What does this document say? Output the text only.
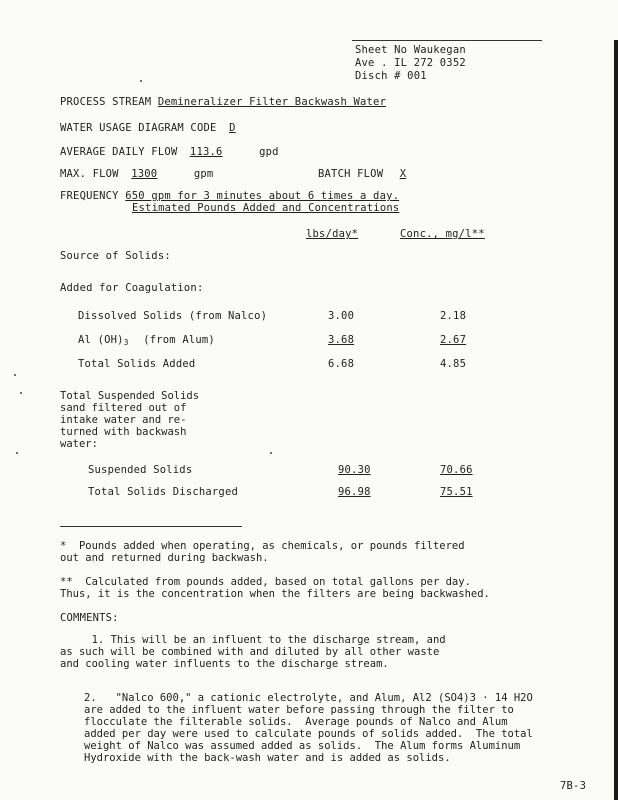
Sheet No Waukegan
Ave . IL 272 0352
Disch # 001
PROCESS STREAM Demineralizer Filter Backwash Water
WATER USAGE DIAGRAM CODE D
AVERAGE DAILY FLOW 113.6	gpd
MAX. FLOW 1300	gpm	BATCH FLOW X
FREQUENCY 650 gpm for 3 minutes about 6 times a day.
Estimated Pounds Added and Concentrations
lbs/day*	Conc., mg/l**
Source of Solids:
Added for Coagulation:
Dissolved Solids (from Nalco)	3.00	2.18
Al $(OH)_3$ (from Alum)	3.68	2.67
Total Solids Added	6.68	4.85
Total Suspended Solids
sand filtered out of
intake water and re-
turned with backwash
water:
Suspended Solids	90.30	70.66
Total Solids Discharged	96.98	75.51
*  Pounds added when operating, as chemicals, or pounds filtered
out and returned during backwash.
**  Calculated from pounds added, based on total gallons per day.
Thus, it is the concentration when the filters are being backwashed.
COMMENTS:
1. This will be an influent to the discharge stream, and
as such will be combined with and diluted by all other waste
and cooling water influents to the discharge stream.
2.   "Nalco 600," a cationic electrolyte, and Alum, Al2 (SO4)3 · 14 H2O
are added to the influent water before passing through the filter to
flocculate the filterable solids.  Average pounds of Nalco and Alum
added per day were used to calculate pounds of solids added.  The total
weight of Nalco was assumed added as solids.  The Alum forms Aluminum
Hydroxide with the back-wash water and is added as solids.
7B-3
